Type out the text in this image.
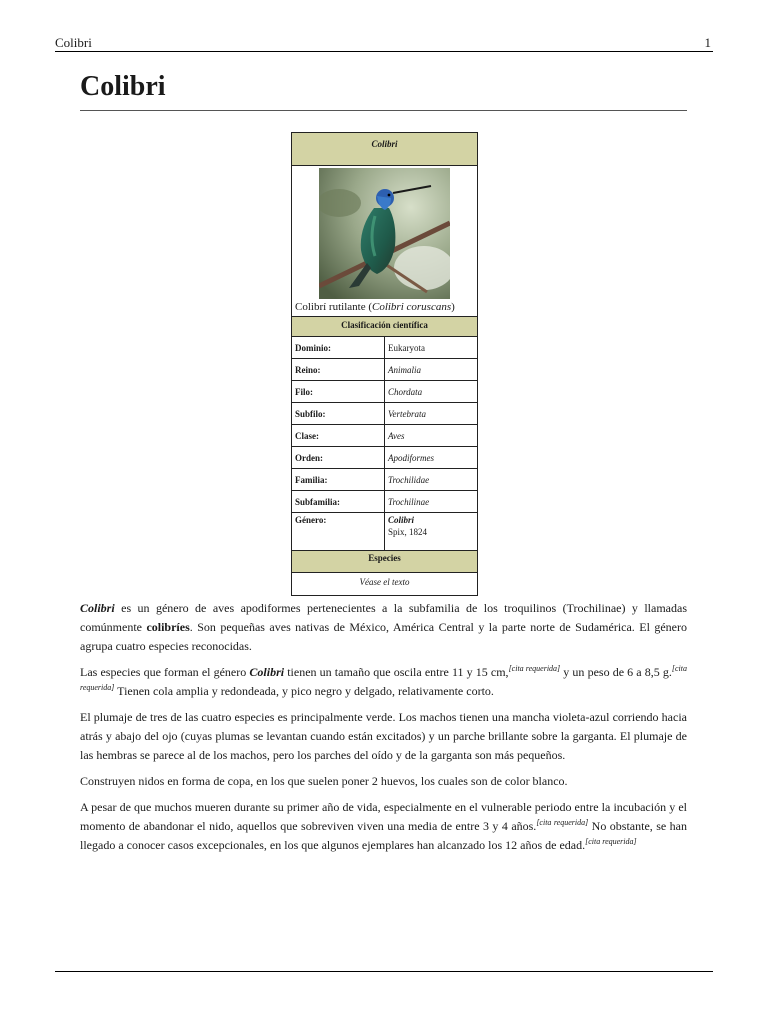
Colibri	1
Colibri
Colibri
Colibrí rutilante (Colibri coruscans)
Clasificación científica
Dominio:	Eukaryota
Reino:	Animalia
Filo:	Chordata
Subfilo:	Vertebrata
Clase:	Aves
Orden:	Apodiformes
Familia:	Trochilidae
Subfamilia:	Trochilinae
Género:	Colibri
Spix, 1824
Especies
Véase el texto

Colibri es un género de aves apodiformes pertenecientes a la subfamilia de los troquilinos (Trochilinae) y llamadas comúnmente colibríes. Son pequeñas aves nativas de México, América Central y la parte norte de Sudamérica. El género agrupa cuatro especies reconocidas.

Las especies que forman el género Colibri tienen un tamaño que oscila entre 11 y 15 cm,[cita requerida] y un peso de 6 a 8,5 g.[cita requerida] Tienen cola amplia y redondeada, y pico negro y delgado, relativamente corto.

El plumaje de tres de las cuatro especies es principalmente verde. Los machos tienen una mancha violeta-azul corriendo hacia atrás y abajo del ojo (cuyas plumas se levantan cuando están excitados) y un parche brillante sobre la garganta. El plumaje de las hembras se parece al de los machos, pero los parches del oído y de la garganta son más pequeños.

Construyen nidos en forma de copa, en los que suelen poner 2 huevos, los cuales son de color blanco.

A pesar de que muchos mueren durante su primer año de vida, especialmente en el vulnerable periodo entre la incubación y el momento de abandonar el nido, aquellos que sobreviven viven una media de entre 3 y 4 años.[cita requerida] No obstante, se han llegado a conocer casos excepcionales, en los que algunos ejemplares han alcanzado los 12 años de edad.[cita requerida]
